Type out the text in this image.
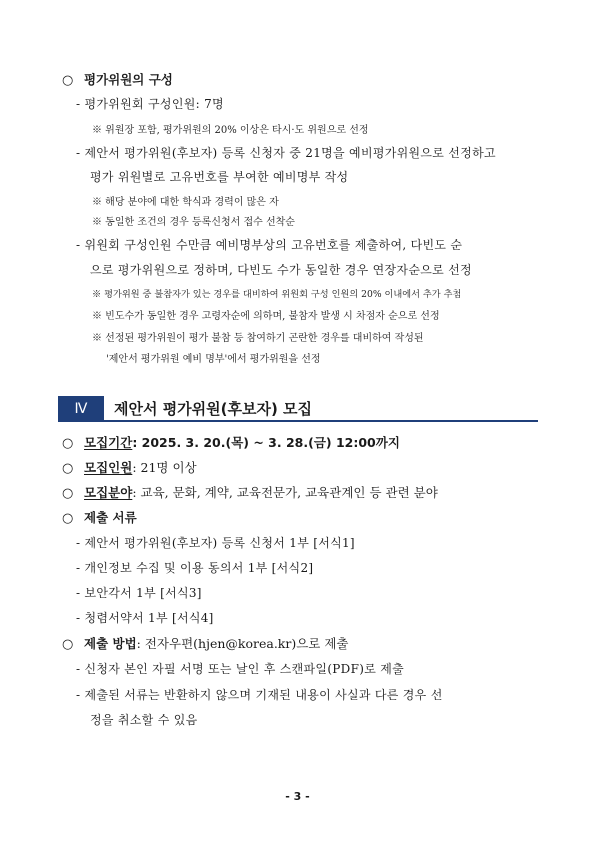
○ 평가위원의 구성
- 평가위원회 구성인원: 7명
※ 위원장 포함, 평가위원의 20% 이상은 타시·도 위원으로 선정
- 제안서 평가위원(후보자) 등록 신청자 중 21명을 예비평가위원으로 선정하고
평가 위원별로 고유번호를 부여한 예비명부 작성
※ 해당 분야에 대한 학식과 경력이 많은 자
※ 동일한 조건의 경우 등록신청서 접수 선착순
- 위원회 구성인원 수만큼 예비명부상의 고유번호를 제출하여, 다빈도 순
으로 평가위원으로 정하며, 다빈도 수가 동일한 경우 연장자순으로 선정
※ 평가위원 중 불참자가 있는 경우를 대비하여 위원회 구성 인원의 20% 이내에서 추가 추첨
※ 빈도수가 동일한 경우 고령자순에 의하며, 불참자 발생 시 차점자 순으로 선정
※ 선정된 평가위원이 평가 불참 등 참여하기 곤란한 경우를 대비하여 작성된
'제안서 평가위원 예비 명부'에서 평가위원을 선정
Ⅳ	제안서 평가위원(후보자) 모집
○ 모집기간: 2025. 3. 20.(목) ~ 3. 28.(금) 12:00까지
○ 모집인원: 21명 이상
○ 모집분야: 교육, 문화, 계약, 교육전문가, 교육관계인 등 관련 분야
○ 제출 서류
- 제안서 평가위원(후보자) 등록 신청서 1부 [서식1]
- 개인정보 수집 및 이용 동의서 1부 [서식2]
- 보안각서 1부 [서식3]
- 청렴서약서 1부 [서식4]
○ 제출 방법: 전자우편(hjen@korea.kr)으로 제출
- 신청자 본인 자필 서명 또는 날인 후 스캔파일(PDF)로 제출
- 제출된 서류는 반환하지 않으며 기재된 내용이 사실과 다른 경우 선
정을 취소할 수 있음
- 3 -
